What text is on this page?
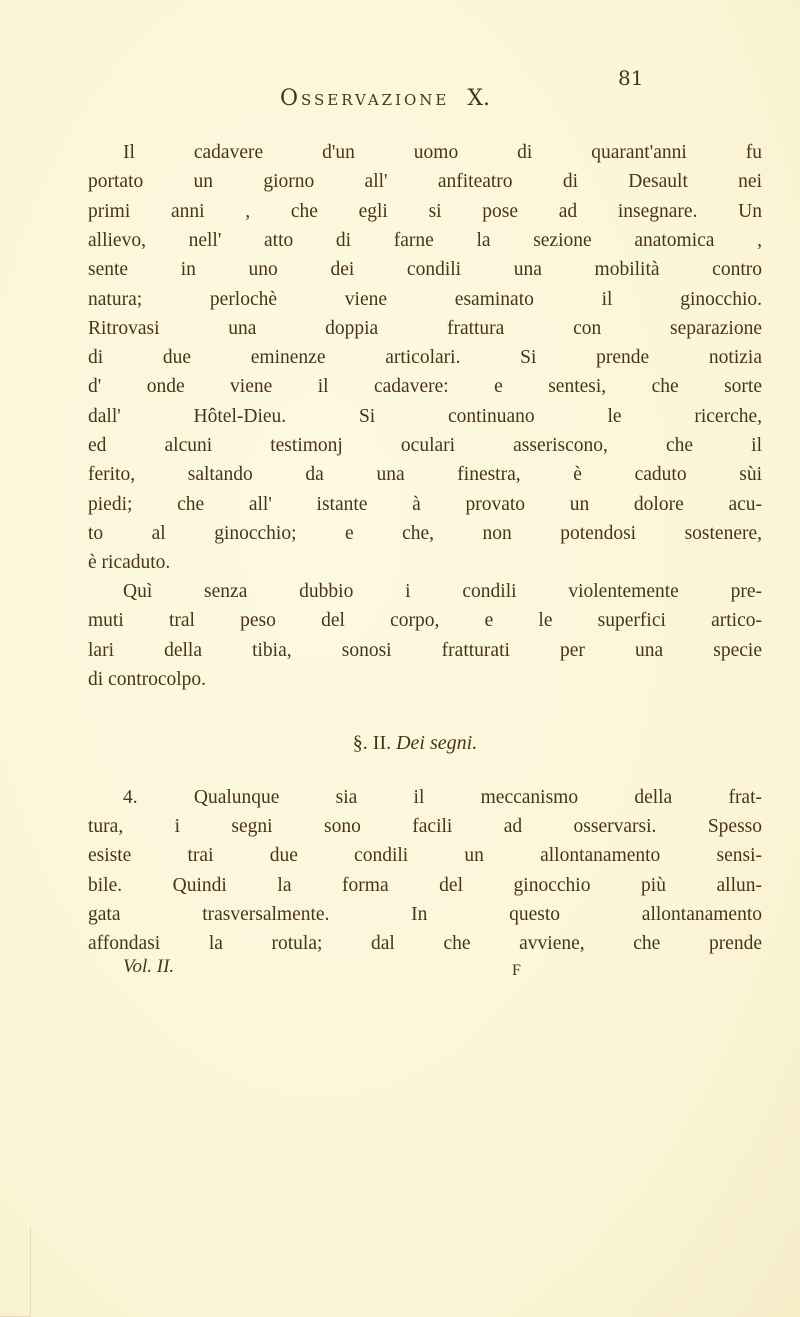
81
Osservazione X.
Il cadavere d'un uomo di quarant'anni fu
portato un giorno all' anfiteatro di Desault nei
primi anni , che egli si pose ad insegnare. Un
allievo, nell' atto di farne la sezione anatomica ,
sente in uno dei condili una mobilità contro
natura; perlochè viene esaminato il ginocchio.
Ritrovasi una doppia frattura con separazione
di due eminenze articolari. Si prende notizia
d' onde viene il cadavere: e sentesi, che sorte
dall' Hôtel-Dieu. Si continuano le ricerche,
ed alcuni testimonj oculari asseriscono, che il
ferito, saltando da una finestra, è caduto sùi
piedi; che all' istante à provato un dolore acu-
to al ginocchio; e che, non potendosi sostenere,
è ricaduto.
Quì senza dubbio i condili violentemente pre-
muti tral peso del corpo, e le superfici artico-
lari della tibia, sonosi fratturati per una specie
di controcolpo.
4. Qualunque sia il meccanismo della frat-
tura, i segni sono facili ad osservarsi. Spesso
esiste trai due condili un allontanamento sensi-
bile. Quindi la forma del ginocchio più allun-
gata trasversalmente. In questo allontanamento
affondasi la rotula; dal che avviene, che prende
§. II. Dei segni.
Vol. II.	F
